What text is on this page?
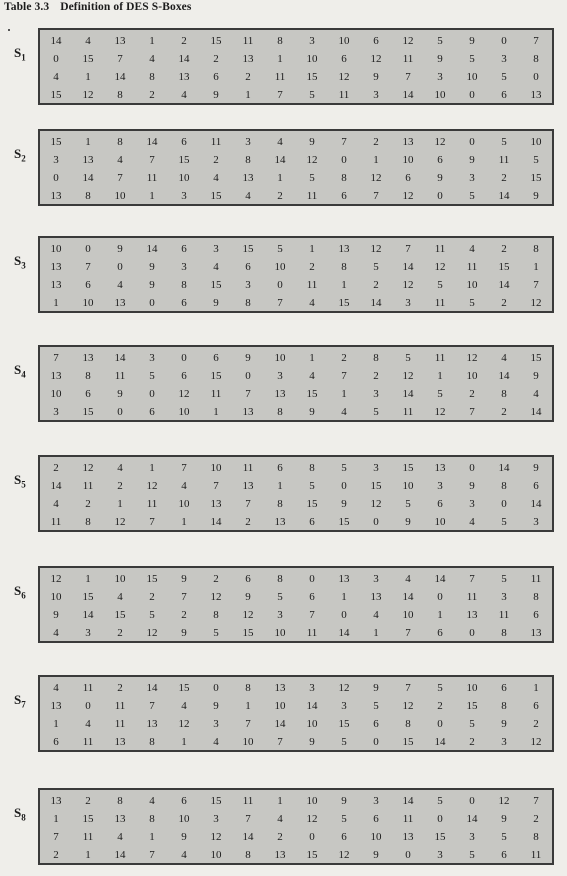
Table 3.3 Definition of DES S-Boxes
$S_1$
14	4	13	1	2	15	11	8	3	10	6	12	5	9	0	7
0	15	7	4	14	2	13	1	10	6	12	11	9	5	3	8
4	1	14	8	13	6	2	11	15	12	9	7	3	10	5	0
15	12	8	2	4	9	1	7	5	11	3	14	10	0	6	13
$S_2$
15	1	8	14	6	11	3	4	9	7	2	13	12	0	5	10
3	13	4	7	15	2	8	14	12	0	1	10	6	9	11	5
0	14	7	11	10	4	13	1	5	8	12	6	9	3	2	15
13	8	10	1	3	15	4	2	11	6	7	12	0	5	14	9
$S_3$
10	0	9	14	6	3	15	5	1	13	12	7	11	4	2	8
13	7	0	9	3	4	6	10	2	8	5	14	12	11	15	1
13	6	4	9	8	15	3	0	11	1	2	12	5	10	14	7
1	10	13	0	6	9	8	7	4	15	14	3	11	5	2	12
$S_4$
7	13	14	3	0	6	9	10	1	2	8	5	11	12	4	15
13	8	11	5	6	15	0	3	4	7	2	12	1	10	14	9
10	6	9	0	12	11	7	13	15	1	3	14	5	2	8	4
3	15	0	6	10	1	13	8	9	4	5	11	12	7	2	14
$S_5$
2	12	4	1	7	10	11	6	8	5	3	15	13	0	14	9
14	11	2	12	4	7	13	1	5	0	15	10	3	9	8	6
4	2	1	11	10	13	7	8	15	9	12	5	6	3	0	14
11	8	12	7	1	14	2	13	6	15	0	9	10	4	5	3
$S_6$
12	1	10	15	9	2	6	8	0	13	3	4	14	7	5	11
10	15	4	2	7	12	9	5	6	1	13	14	0	11	3	8
9	14	15	5	2	8	12	3	7	0	4	10	1	13	11	6
4	3	2	12	9	5	15	10	11	14	1	7	6	0	8	13
$S_7$
4	11	2	14	15	0	8	13	3	12	9	7	5	10	6	1
13	0	11	7	4	9	1	10	14	3	5	12	2	15	8	6
1	4	11	13	12	3	7	14	10	15	6	8	0	5	9	2
6	11	13	8	1	4	10	7	9	5	0	15	14	2	3	12
$S_8$
13	2	8	4	6	15	11	1	10	9	3	14	5	0	12	7
1	15	13	8	10	3	7	4	12	5	6	11	0	14	9	2
7	11	4	1	9	12	14	2	0	6	10	13	15	3	5	8
2	1	14	7	4	10	8	13	15	12	9	0	3	5	6	11
